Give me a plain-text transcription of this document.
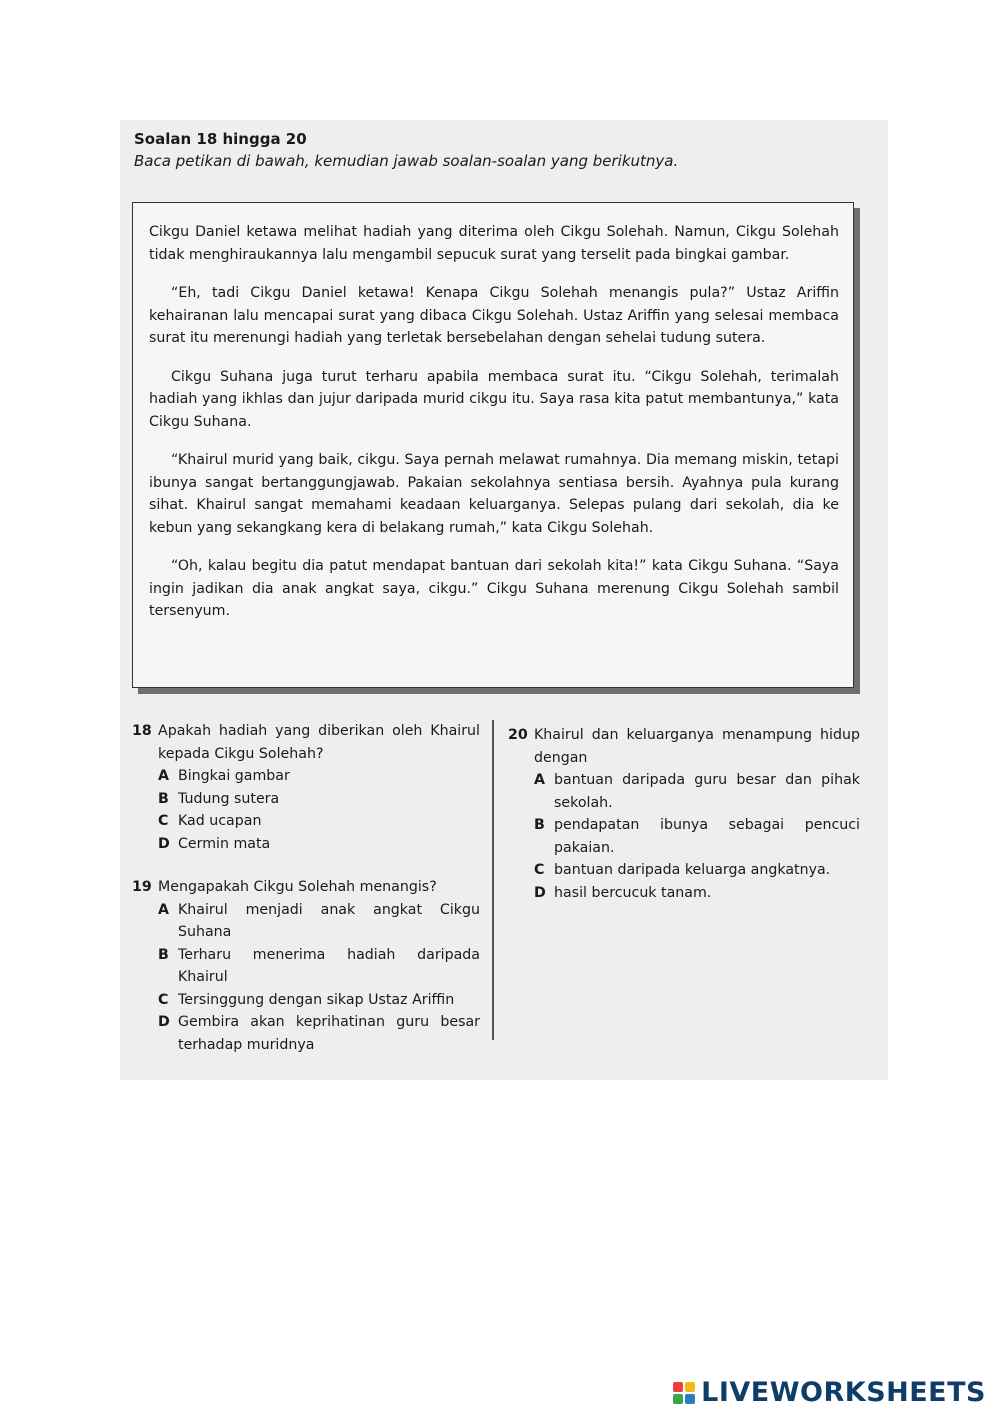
Soalan 18 hingga 20
Baca petikan di bawah, kemudian jawab soalan-soalan yang berikutnya.

Cikgu Daniel ketawa melihat hadiah yang diterima oleh Cikgu Solehah. Namun, Cikgu Solehah tidak menghiraukannya lalu mengambil sepucuk surat yang terselit pada bingkai gambar.

“Eh, tadi Cikgu Daniel ketawa! Kenapa Cikgu Solehah menangis pula?” Ustaz Ariffin kehairanan lalu mencapai surat yang dibaca Cikgu Solehah. Ustaz Ariffin yang selesai membaca surat itu merenungi hadiah yang terletak bersebelahan dengan sehelai tudung sutera.

Cikgu Suhana juga turut terharu apabila membaca surat itu. “Cikgu Solehah, terimalah hadiah yang ikhlas dan jujur daripada murid cikgu itu. Saya rasa kita patut membantunya,” kata Cikgu Suhana.

“Khairul murid yang baik, cikgu. Saya pernah melawat rumahnya. Dia memang miskin, tetapi ibunya sangat bertanggungjawab. Pakaian sekolahnya sentiasa bersih. Ayahnya pula kurang sihat. Khairul sangat memahami keadaan keluarganya. Selepas pulang dari sekolah, dia ke kebun yang sekangkang kera di belakang rumah,” kata Cikgu Solehah.

“Oh, kalau begitu dia patut mendapat bantuan dari sekolah kita!” kata Cikgu Suhana. “Saya ingin jadikan dia anak angkat saya, cikgu.” Cikgu Suhana merenung Cikgu Solehah sambil tersenyum.

18 Apakah hadiah yang diberikan oleh Khairul kepada Cikgu Solehah?
A Bingkai gambar
B Tudung sutera
C Kad ucapan
D Cermin mata
19 Mengapakah Cikgu Solehah menangis?
A Khairul menjadi anak angkat Cikgu Suhana
B Terharu menerima hadiah daripada Khairul
C Tersinggung dengan sikap Ustaz Ariffin
D Gembira akan keprihatinan guru besar terhadap muridnya
20 Khairul dan keluarganya menampung hidup dengan
A bantuan daripada guru besar dan pihak sekolah.
B pendapatan ibunya sebagai pencuci pakaian.
C bantuan daripada keluarga angkatnya.
D hasil bercucuk tanam.
LIVEWORKSHEETS
